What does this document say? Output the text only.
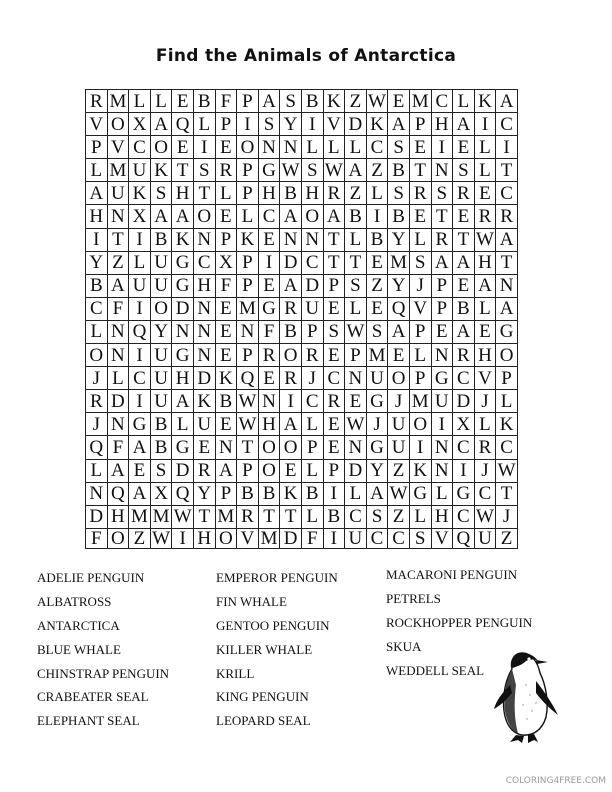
Find the Animals of Antarctica
R M L L E B F P A S B K Z W E M C L K A
V O X A Q L P I S Y I V D K A P H A I C
P V C O E I E O N N L L L C S E I E L I
L M U K T S R P G W S W A Z B T N S L T
A U K S H T L P H B H R Z L S R S R E C
H N X A A O E L C A O A B I B E T E R R
I T I B K N P K E N N T L B Y L R T W A
Y Z L U G C X P I D C T T E M S A A H T
B A U U G H F P E A D P S Z Y J P E A N
C F I O D N E M G R U E L E Q V P B L A
L N Q Y N N E N F B P S W S A P E A E G
O N I U G N E P R O R E P M E L N R H O
J L C U H D K Q E R J C N U O P G C V P
R D I U A K B W N I C R E G J M U D J L
J N G B L U E W H A L E W J U O I X L K
Q F A B G E N T O O P E N G U I N C R C
L A E S D R A P O E L P D Y Z K N I J W
N Q A X Q Y P B B K B I L A W G L G C T
D H M M W T M R T T L B C S Z L H C W J
F O Z W I H O V M D F I U C C S V Q U Z
ADELIE PENGUIN
ALBATROSS
ANTARCTICA
BLUE WHALE
CHINSTRAP PENGUIN
CRABEATER SEAL
ELEPHANT SEAL
EMPEROR PENGUIN
FIN WHALE
GENTOO PENGUIN
KILLER WHALE
KRILL
KING PENGUIN
LEOPARD SEAL
MACARONI PENGUIN
PETRELS
ROCKHOPPER PENGUIN
SKUA
WEDDELL SEAL
COLORING4FREE.COM
